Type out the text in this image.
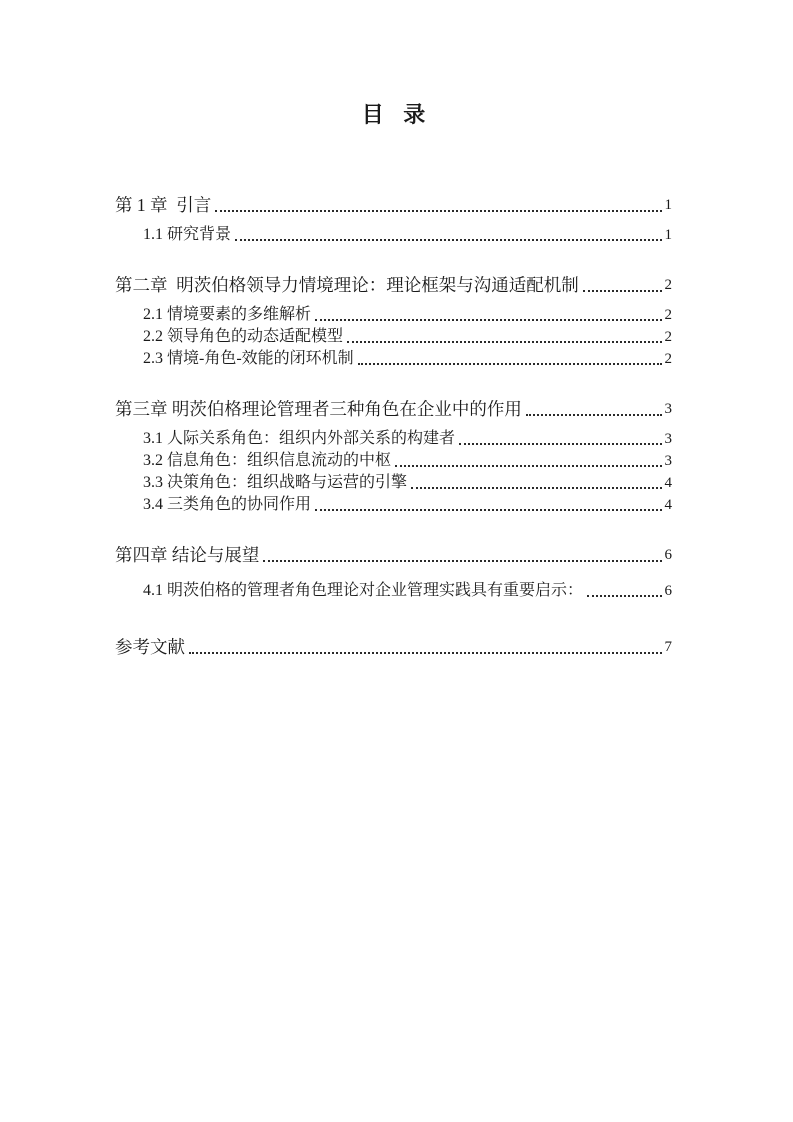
目 录
第 1 章  引言	1
1.1 研究背景	1
第二章  明茨伯格领导力情境理论：理论框架与沟通适配机制	2
2.1 情境要素的多维解析	2
2.2 领导角色的动态适配模型	2
2.3 情境-角色-效能的闭环机制	2
第三章 明茨伯格理论管理者三种角色在企业中的作用	3
3.1 人际关系角色：组织内外部关系的构建者	3
3.2 信息角色：组织信息流动的中枢	3
3.3 决策角色：组织战略与运营的引擎	4
3.4 三类角色的协同作用	4
第四章 结论与展望	6
4.1 明茨伯格的管理者角色理论对企业管理实践具有重要启示：	6
参考文献	7
